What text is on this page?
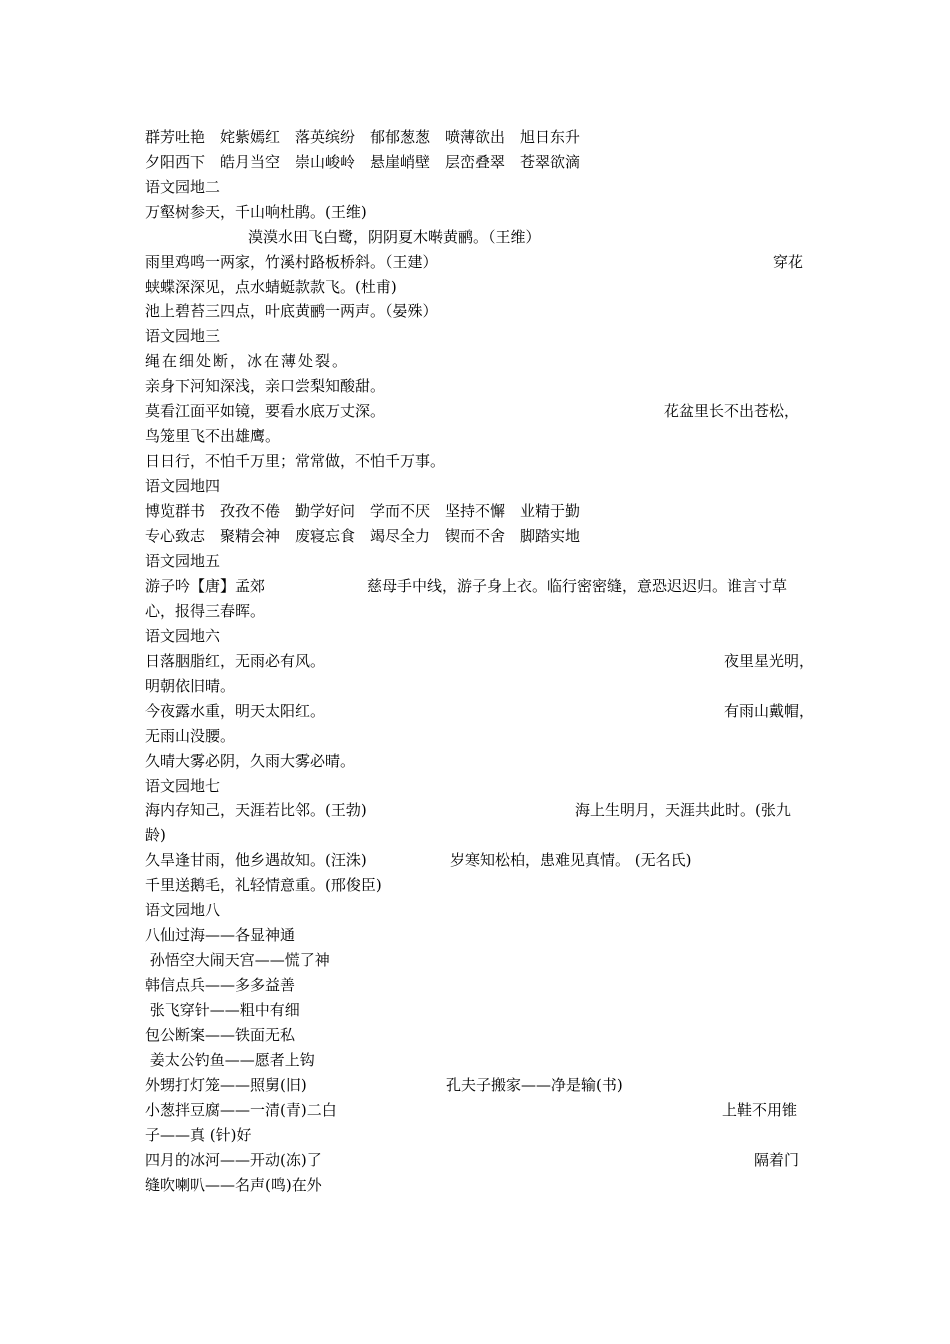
群芳吐艳　姹紫嫣红　落英缤纷　郁郁葱葱　喷薄欲出　旭日东升
夕阳西下　皓月当空　崇山峻岭　悬崖峭壁　层峦叠翠　苍翠欲滴
语文园地二
万壑树参天，千山响杜鹃。(王维)
漠漠水田飞白鹭，阴阴夏木啭黄鹂。（王维）
雨里鸡鸣一两家，竹溪村路板桥斜。（王建）	穿花
蛱蝶深深见，点水蜻蜓款款飞。(杜甫)
池上碧苔三四点，叶底黄鹂一两声。（晏殊）
语文园地三
绳在细处断，冰在薄处裂。
亲身下河知深浅，亲口尝梨知酸甜。
莫看江面平如镜，要看水底万丈深。	花盆里长不出苍松，
鸟笼里飞不出雄鹰。
日日行，不怕千万里；常常做，不怕千万事。
语文园地四
博览群书　孜孜不倦　勤学好问　学而不厌　坚持不懈　业精于勤
专心致志　聚精会神　废寝忘食　竭尽全力　锲而不舍　脚踏实地
语文园地五
游子吟【唐】孟郊	慈母手中线，游子身上衣。临行密密缝，意恐迟迟归。谁言寸草
心，报得三春晖。
语文园地六
日落胭脂红，无雨必有风。	夜里星光明，
明朝依旧晴。
今夜露水重，明天太阳红。	有雨山戴帽，
无雨山没腰。
久晴大雾必阴，久雨大雾必晴。
语文园地七
海内存知己，天涯若比邻。(王勃)	海上生明月，天涯共此时。(张九
龄)
久旱逢甘雨，他乡遇故知。(汪洙)	岁寒知松柏，患难见真情。 (无名氏)
千里送鹅毛，礼轻情意重。(邢俊臣)
语文园地八
八仙过海——各显神通
孙悟空大闹天宫——慌了神
韩信点兵——多多益善
张飞穿针——粗中有细
包公断案——铁面无私
姜太公钓鱼——愿者上钩
外甥打灯笼——照舅(旧)	孔夫子搬家——净是输(书)
小葱拌豆腐——一清(青)二白	上鞋不用锥
子——真 (针)好
四月的冰河——开动(冻)了	隔着门
缝吹喇叭——名声(鸣)在外
